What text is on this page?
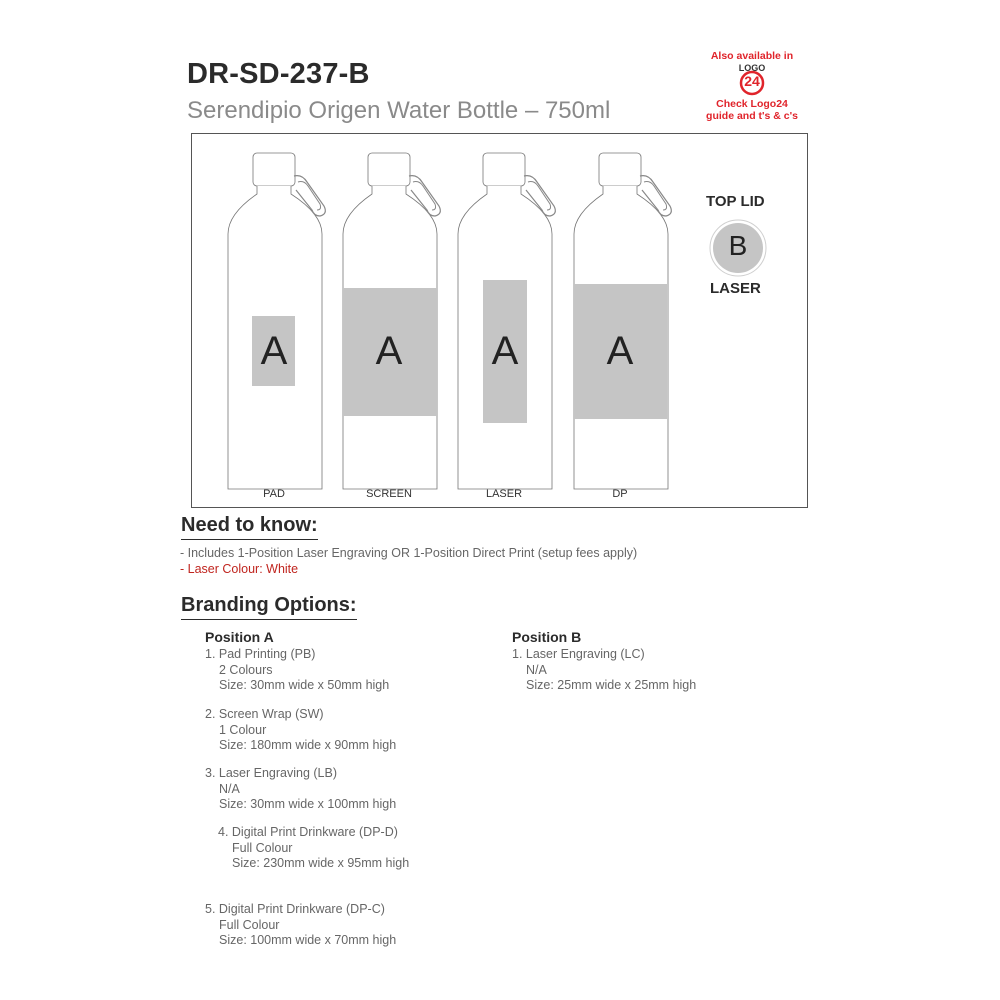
DR-SD-237-B
Serendipio Origen Water Bottle – 750ml
Also available in
LOGO
24
Check Logo24
guide and t's & c's
A	A	A	A
PAD	SCREEN	LASER	DP
TOP LID
B
LASER
Need to know:
- Includes 1-Position Laser Engraving OR 1-Position Direct Print (setup fees apply)
- Laser Colour: White
Branding Options:
Position A
1. Pad Printing (PB)
2 Colours
Size: 30mm wide x 50mm high
2. Screen Wrap (SW)
1 Colour
Size: 180mm wide x 90mm high
3. Laser Engraving (LB)
N/A
Size: 30mm wide x 100mm high
4. Digital Print Drinkware (DP-D)
Full Colour
Size: 230mm wide x 95mm high
5. Digital Print Drinkware (DP-C)
Full Colour
Size: 100mm wide x 70mm high
Position B
1. Laser Engraving (LC)
N/A
Size: 25mm wide x 25mm high
